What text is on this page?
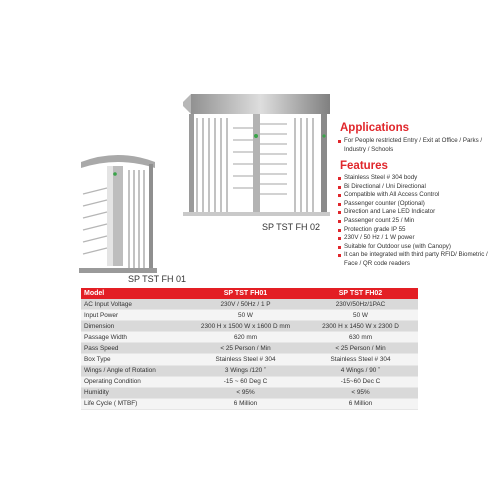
SP TST FH 02
SP TST FH 01
Applications
For People restricted Entry / Exit at Office / Parks / Industry / Schools
Features
Stainless Steel # 304 body
Bi Directional / Uni Directional
Compatible with All Access Control
Passenger counter (Optional)
Direction and Lane LED Indicator
Passenger count 25 / Min
Protection grade IP 55
230V / 50 Hz / 1 W power
Suitable for Outdoor use (with Canopy)
It can be integrated with third party RFID/ Biometric / Face / QR code readers
Model	SP TST FH01	SP TST FH02
AC Input Voltage	230V / 50Hz / 1 P	230V/50Hz/1PAC
Input Power	50 W	50 W
Dimension	2300 H x 1500 W x 1600 D mm	2300 H x 1450 W x 2300 D
Passage Width	620 mm	630 mm
Pass Speed	< 25 Person / Min	< 25 Person / Min
Box Type	Stainless Steel # 304	Stainless Steel # 304
Wings / Angle of Rotation	3 Wings /120 ˚	4 Wings / 90 ˚
Operating Condition	-15 ~ 60 Deg C	-15~60 Dec C
Humidity	< 95%	< 95%
Life Cycle ( MTBF)	6 Million	6 Million
